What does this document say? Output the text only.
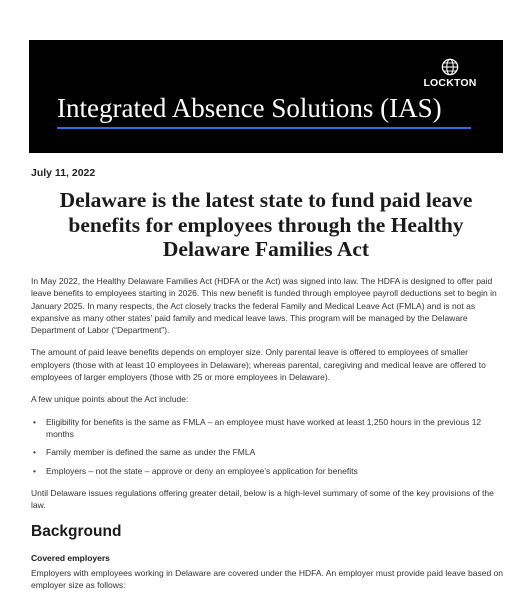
LOCKTON
Integrated Absence Solutions (IAS)
July 11, 2022
Delaware is the latest state to fund paid leave benefits for employees through the Healthy Delaware Families Act

In May 2022, the Healthy Delaware Families Act (HDFA or the Act) was signed into law. The HDFA is designed to offer paid leave benefits to employees starting in 2026. This new benefit is funded through employee payroll deductions set to begin in January 2025. In many respects, the Act closely tracks the federal Family and Medical Leave Act (FMLA) and is not as expansive as many other states' paid family and medical leave laws. This program will be managed by the Delaware Department of Labor (“Department”).

The amount of paid leave benefits depends on employer size. Only parental leave is offered to employees of smaller employers (those with at least 10 employees in Delaware); whereas parental, caregiving and medical leave are offered to employees of larger employers (those with 25 or more employees in Delaware).

A few unique points about the Act include:

• Eligibility for benefits is the same as FMLA – an employee must have worked at least 1,250 hours in the previous 12 months
• Family member is defined the same as under the FMLA
• Employers – not the state – approve or deny an employee’s application for benefits

Until Delaware issues regulations offering greater detail, below is a high-level summary of some of the key provisions of the law.

Background
Covered employers

Employers with employees working in Delaware are covered under the HDFA. An employer must provide paid leave based on employer size as follows:
